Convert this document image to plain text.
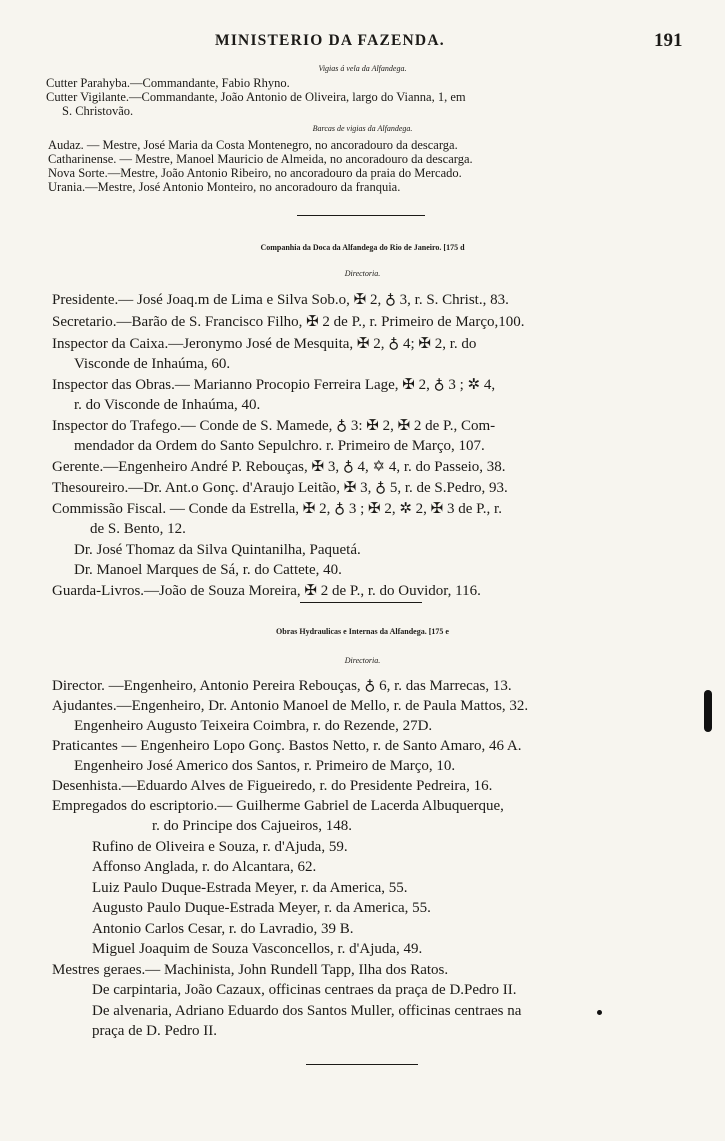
MINISTERIO DA FAZENDA.	191
Vigias á vela da Alfandega.
Cutter Parahyba.—Commandante, Fabio Rhyno.
Cutter Vigilante.—Commandante, João Antonio de Oliveira, largo do Vianna, 1, em
S. Christovão.
Barcas de vigias da Alfandega.
Audaz. — Mestre, José Maria da Costa Montenegro, no ancoradouro da descarga.
Catharinense. — Mestre, Manoel Mauricio de Almeida, no ancoradouro da descarga.
Nova Sorte.—Mestre, João Antonio Ribeiro, no ancoradouro da praia do Mercado.
Urania.—Mestre, José Antonio Monteiro, no ancoradouro da franquia.
Companhia da Doca da Alfandega do Rio de Janeiro. [175 d
Directoria.
Presidente.— José Joaq.m de Lima e Silva Sob.o, ✠ 2, ♁ 3, r. S. Christ., 83.
Secretario.—Barão de S. Francisco Filho, ✠ 2 de P., r. Primeiro de Março,100.
Inspector da Caixa.—Jeronymo José de Mesquita, ✠ 2, ♁ 4; ✠ 2, r. do
Visconde de Inhaúma, 60.
Inspector das Obras.— Marianno Procopio Ferreira Lage, ✠ 2, ♁ 3 ; ✲ 4,
r. do Visconde de Inhaúma, 40.
Inspector do Trafego.— Conde de S. Mamede, ♁ 3: ✠ 2, ✠ 2 de P., Com-
mendador da Ordem do Santo Sepulchro. r. Primeiro de Março, 107.
Gerente.—Engenheiro André P. Rebouças, ✠ 3, ♁ 4, ✡ 4, r. do Passeio, 38.
Thesoureiro.—Dr. Ant.o Gonç. d'Araujo Leitão, ✠ 3, ♁ 5, r. de S.Pedro, 93.
Commissão Fiscal. — Conde da Estrella, ✠ 2, ♁ 3 ; ✠ 2, ✲ 2, ✠ 3 de P., r.
de S. Bento, 12.
Dr. José Thomaz da Silva Quintanilha, Paquetá.
Dr. Manoel Marques de Sá, r. do Cattete, 40.
Guarda-Livros.—João de Souza Moreira, ✠ 2 de P., r. do Ouvidor, 116.
Obras Hydraulicas e Internas da Alfandega. [175 e
Directoria.
Director. —Engenheiro, Antonio Pereira Rebouças, ♁ 6, r. das Marrecas, 13.
Ajudantes.—Engenheiro, Dr. Antonio Manoel de Mello, r. de Paula Mattos, 32.
Engenheiro Augusto Teixeira Coimbra, r. do Rezende, 27D.
Praticantes — Engenheiro Lopo Gonç. Bastos Netto, r. de Santo Amaro, 46 A.
Engenheiro José Americo dos Santos, r. Primeiro de Março, 10.
Desenhista.—Eduardo Alves de Figueiredo, r. do Presidente Pedreira, 16.
Empregados do escriptorio.— Guilherme Gabriel de Lacerda Albuquerque,
r. do Principe dos Cajueiros, 148.
Rufino de Oliveira e Souza, r. d'Ajuda, 59.
Affonso Anglada, r. do Alcantara, 62.
Luiz Paulo Duque-Estrada Meyer, r. da America, 55.
Augusto Paulo Duque-Estrada Meyer, r. da America, 55.
Antonio Carlos Cesar, r. do Lavradio, 39 B.
Miguel Joaquim de Souza Vasconcellos, r. d'Ajuda, 49.
Mestres geraes.— Machinista, John Rundell Tapp, Ilha dos Ratos.
De carpintaria, João Cazaux, officinas centraes da praça de D.Pedro II.
De alvenaria, Adriano Eduardo dos Santos Muller, officinas centraes na
praça de D. Pedro II.
